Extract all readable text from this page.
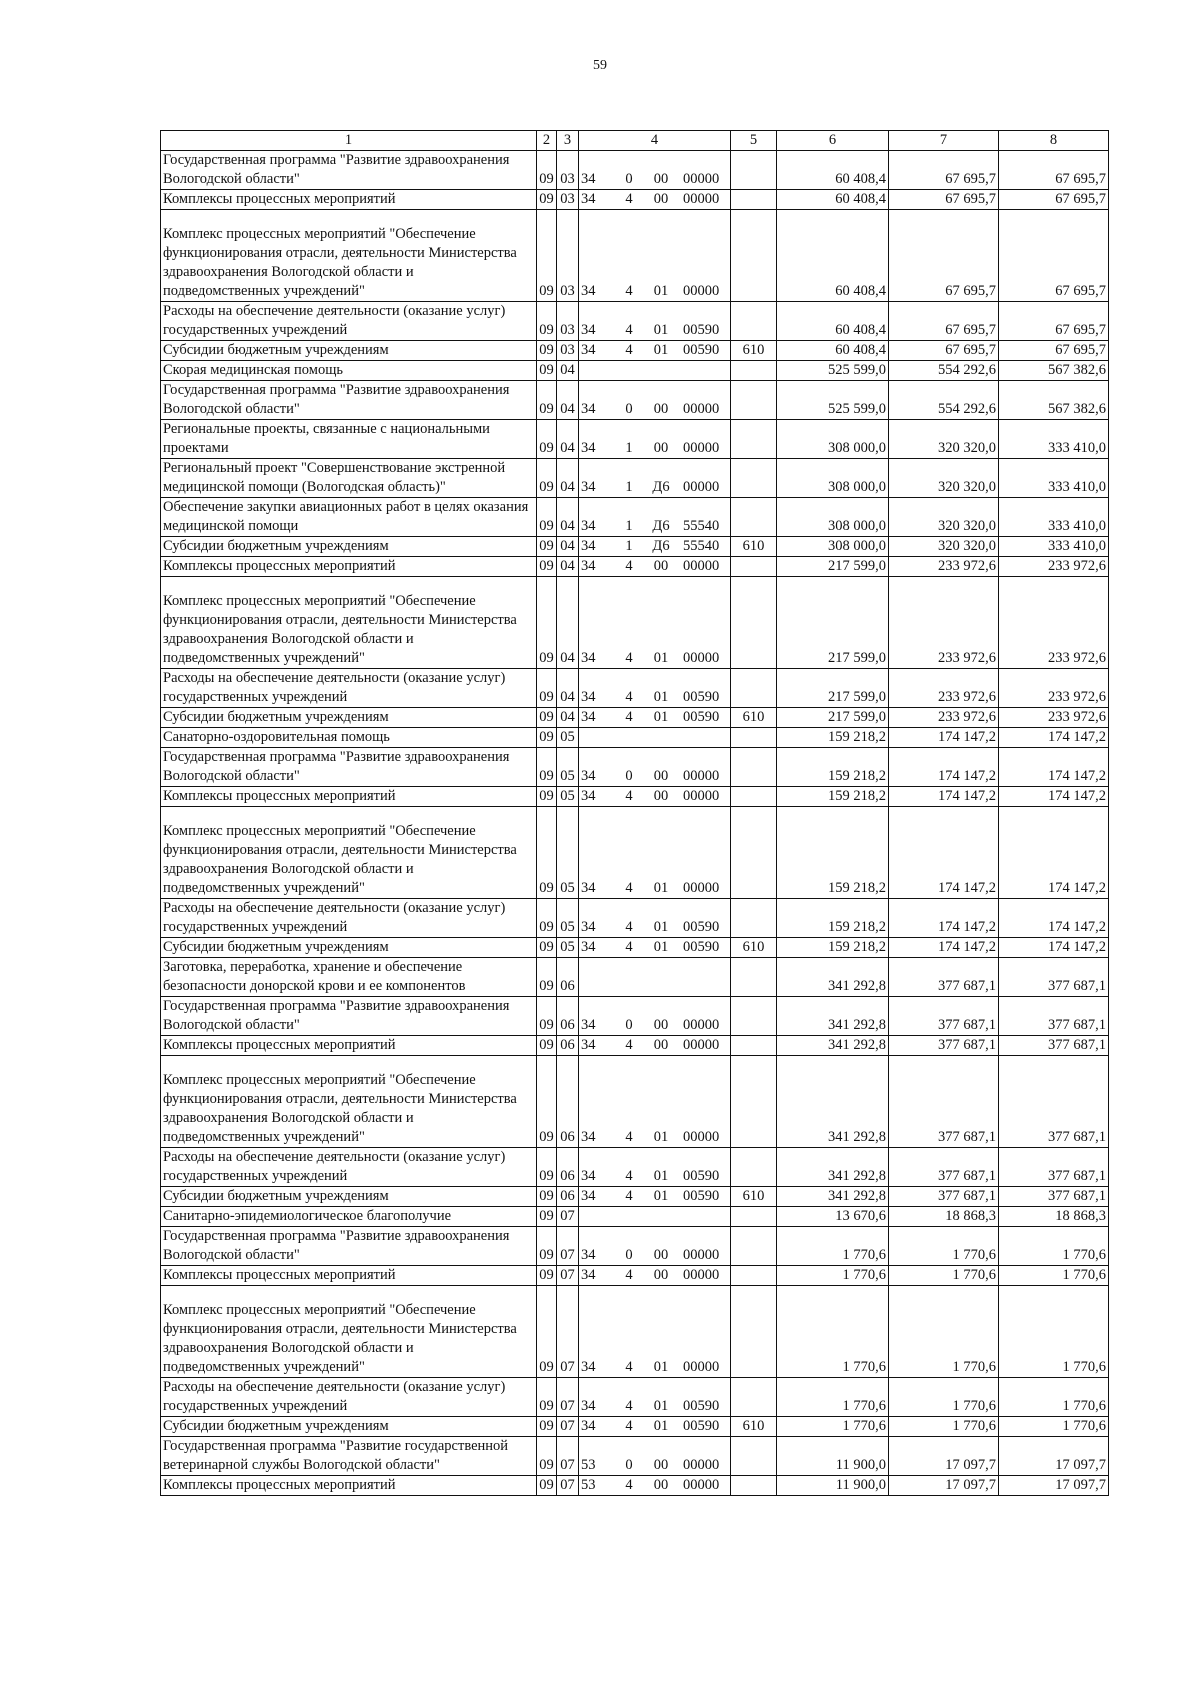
59
1	2	3	4	5	6	7	8
Государственная программа "Развитие здравоохранения Вологодской области"	09	03	34 0 00 00000		60 408,4	67 695,7	67 695,7
Комплексы процессных мероприятий	09	03	34 4 00 00000		60 408,4	67 695,7	67 695,7
Комплекс процессных мероприятий "Обеспечение функционирования отрасли, деятельности Министерства здравоохранения Вологодской области и подведомственных учреждений"	09	03	34 4 01 00000		60 408,4	67 695,7	67 695,7
Расходы на обеспечение деятельности (оказание услуг) государственных учреждений	09	03	34 4 01 00590		60 408,4	67 695,7	67 695,7
Субсидии бюджетным учреждениям	09	03	34 4 01 00590	610	60 408,4	67 695,7	67 695,7
Скорая медицинская помощь	09	04			525 599,0	554 292,6	567 382,6
Государственная программа "Развитие здравоохранения Вологодской области"	09	04	34 0 00 00000		525 599,0	554 292,6	567 382,6
Региональные проекты, связанные с национальными проектами	09	04	34 1 00 00000		308 000,0	320 320,0	333 410,0
Региональный проект "Совершенствование экстренной медицинской помощи (Вологодская область)"	09	04	34 1 Д6 00000		308 000,0	320 320,0	333 410,0
Обеспечение закупки авиационных работ в целях оказания медицинской помощи	09	04	34 1 Д6 55540		308 000,0	320 320,0	333 410,0
Субсидии бюджетным учреждениям	09	04	34 1 Д6 55540	610	308 000,0	320 320,0	333 410,0
Комплексы процессных мероприятий	09	04	34 4 00 00000		217 599,0	233 972,6	233 972,6
Комплекс процессных мероприятий "Обеспечение функционирования отрасли, деятельности Министерства здравоохранения Вологодской области и подведомственных учреждений"	09	04	34 4 01 00000		217 599,0	233 972,6	233 972,6
Расходы на обеспечение деятельности (оказание услуг) государственных учреждений	09	04	34 4 01 00590		217 599,0	233 972,6	233 972,6
Субсидии бюджетным учреждениям	09	04	34 4 01 00590	610	217 599,0	233 972,6	233 972,6
Санаторно-оздоровительная помощь	09	05			159 218,2	174 147,2	174 147,2
Государственная программа "Развитие здравоохранения Вологодской области"	09	05	34 0 00 00000		159 218,2	174 147,2	174 147,2
Комплексы процессных мероприятий	09	05	34 4 00 00000		159 218,2	174 147,2	174 147,2
Комплекс процессных мероприятий "Обеспечение функционирования отрасли, деятельности Министерства здравоохранения Вологодской области и подведомственных учреждений"	09	05	34 4 01 00000		159 218,2	174 147,2	174 147,2
Расходы на обеспечение деятельности (оказание услуг) государственных учреждений	09	05	34 4 01 00590		159 218,2	174 147,2	174 147,2
Субсидии бюджетным учреждениям	09	05	34 4 01 00590	610	159 218,2	174 147,2	174 147,2
Заготовка, переработка, хранение и обеспечение безопасности донорской крови и ее компонентов	09	06			341 292,8	377 687,1	377 687,1
Государственная программа "Развитие здравоохранения Вологодской области"	09	06	34 0 00 00000		341 292,8	377 687,1	377 687,1
Комплексы процессных мероприятий	09	06	34 4 00 00000		341 292,8	377 687,1	377 687,1
Комплекс процессных мероприятий "Обеспечение функционирования отрасли, деятельности Министерства здравоохранения Вологодской области и подведомственных учреждений"	09	06	34 4 01 00000		341 292,8	377 687,1	377 687,1
Расходы на обеспечение деятельности (оказание услуг) государственных учреждений	09	06	34 4 01 00590		341 292,8	377 687,1	377 687,1
Субсидии бюджетным учреждениям	09	06	34 4 01 00590	610	341 292,8	377 687,1	377 687,1
Санитарно-эпидемиологическое благополучие	09	07			13 670,6	18 868,3	18 868,3
Государственная программа "Развитие здравоохранения Вологодской области"	09	07	34 0 00 00000		1 770,6	1 770,6	1 770,6
Комплексы процессных мероприятий	09	07	34 4 00 00000		1 770,6	1 770,6	1 770,6
Комплекс процессных мероприятий "Обеспечение функционирования отрасли, деятельности Министерства здравоохранения Вологодской области и подведомственных учреждений"	09	07	34 4 01 00000		1 770,6	1 770,6	1 770,6
Расходы на обеспечение деятельности (оказание услуг) государственных учреждений	09	07	34 4 01 00590		1 770,6	1 770,6	1 770,6
Субсидии бюджетным учреждениям	09	07	34 4 01 00590	610	1 770,6	1 770,6	1 770,6
Государственная программа "Развитие государственной ветеринарной службы Вологодской области"	09	07	53 0 00 00000		11 900,0	17 097,7	17 097,7
Комплексы процессных мероприятий	09	07	53 4 00 00000		11 900,0	17 097,7	17 097,7
